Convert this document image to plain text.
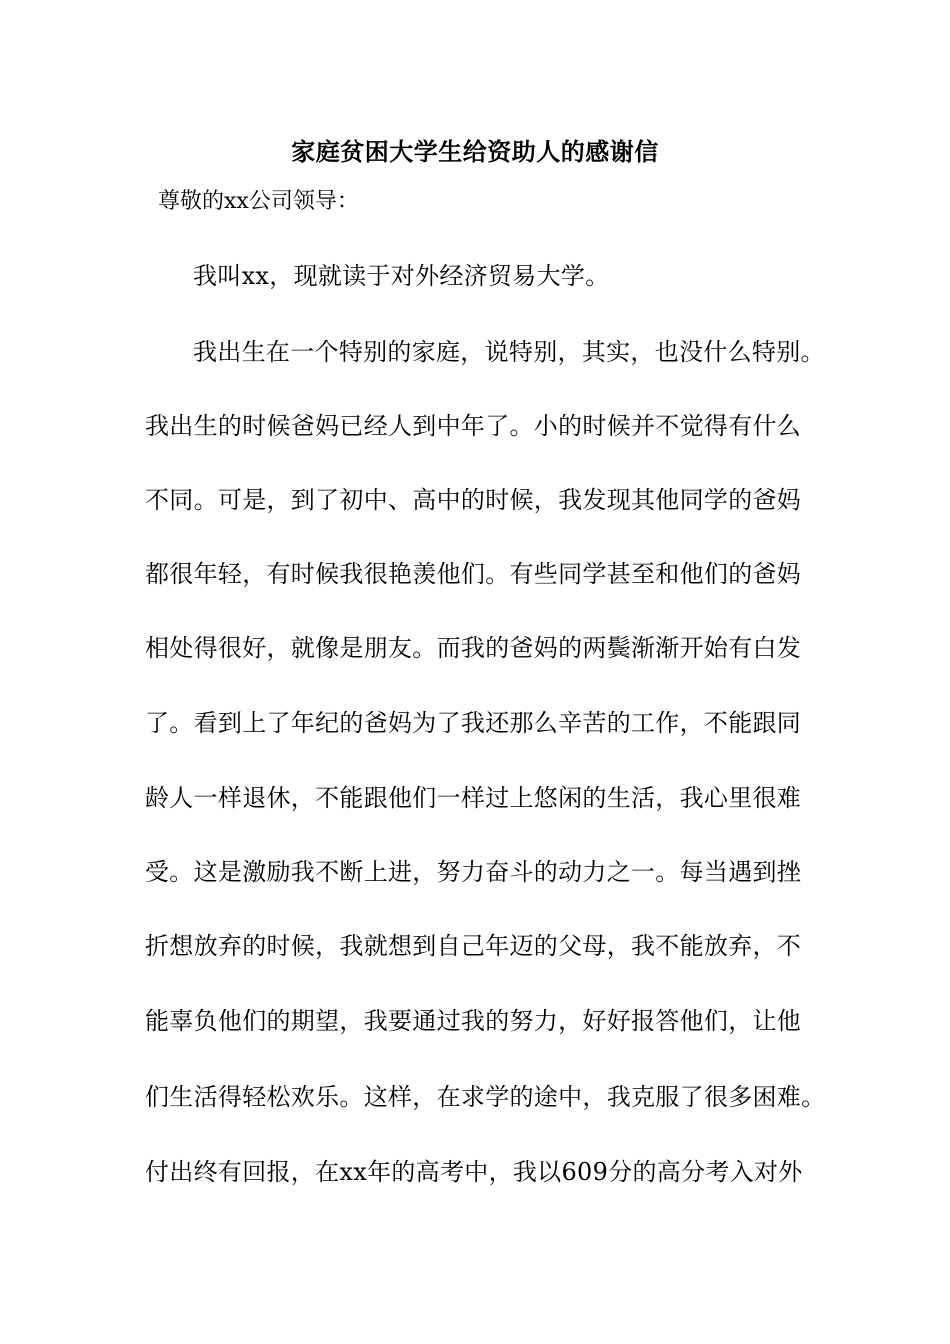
家庭贫困大学生给资助人的感谢信
尊敬的xx公司领导：
我叫xx，现就读于对外经济贸易大学。
我出生在一个特别的家庭，说特别，其实，也没什么特别。
我出生的时候爸妈已经人到中年了。小的时候并不觉得有什么
不同。可是，到了初中、高中的时候，我发现其他同学的爸妈
都很年轻，有时候我很艳羡他们。有些同学甚至和他们的爸妈
相处得很好，就像是朋友。而我的爸妈的两鬓渐渐开始有白发
了。看到上了年纪的爸妈为了我还那么辛苦的工作，不能跟同
龄人一样退休，不能跟他们一样过上悠闲的生活，我心里很难
受。这是激励我不断上进，努力奋斗的动力之一。每当遇到挫
折想放弃的时候，我就想到自己年迈的父母，我不能放弃，不
能辜负他们的期望，我要通过我的努力，好好报答他们，让他
们生活得轻松欢乐。这样，在求学的途中，我克服了很多困难。
付出终有回报，在xx年的高考中，我以609分的高分考入对外
